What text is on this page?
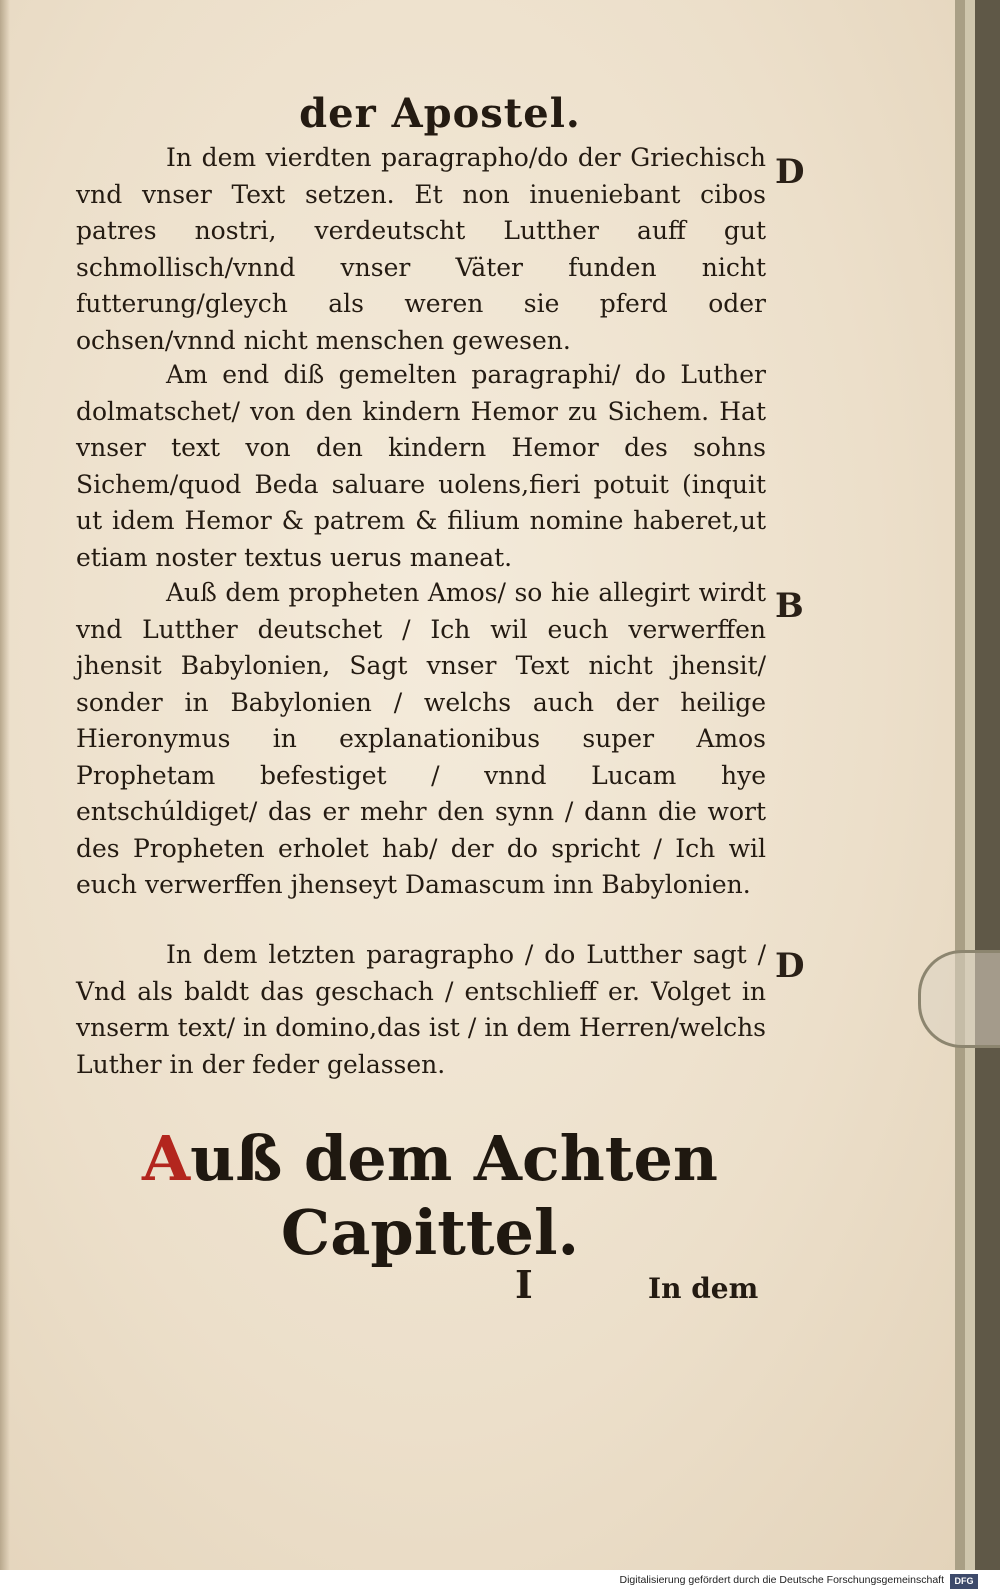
der Apostel.
In dem vierdten paragrapho/do der Griechisch vnd vnser Text setzen. Et non inueniebant cibos patres nostri, verdeutscht Lutther auff gut schmollisch/vnnd vnser Väter funden nicht futterung/gleych als weren sie pferd oder ochsen/vnnd nicht menschen gewesen.
Am end diß gemelten paragraphi/ do Luther dolmatschet/ von den kindern Hemor zu Sichem. Hat vnser text von den kindern Hemor des sohns Sichem/quod Beda saluare uolens,fieri potuit (inquit ut idem Hemor & patrem & filium nomine haberet,ut etiam noster textus uerus maneat.
Auß dem propheten Amos/ so hie allegirt wirdt vnd Lutther deutschet / Ich wil euch verwerffen jhensit Babylonien, Sagt vnser Text nicht jhensit/ sonder in Babylonien / welchs auch der heilige Hieronymus in explanationibus super Amos Prophetam befestiget / vnnd Lucam hye entschúldiget/ das er mehr den synn / dann die wort des Propheten erholet hab/ der do spricht / Ich wil euch verwerffen jhenseyt Damascum inn Babylonien.
In dem letzten paragrapho / do Lutther sagt / Vnd als baldt das geschach / entschlieff er. Volget in vnserm text/ in domino,das ist / in dem Herren/welchs Luther in der feder gelassen.
D
B
D
Auß dem Achten Capittel.
I	In dem
Digitalisierung gefördert durch die Deutsche Forschungsgemeinschaft	DFG
